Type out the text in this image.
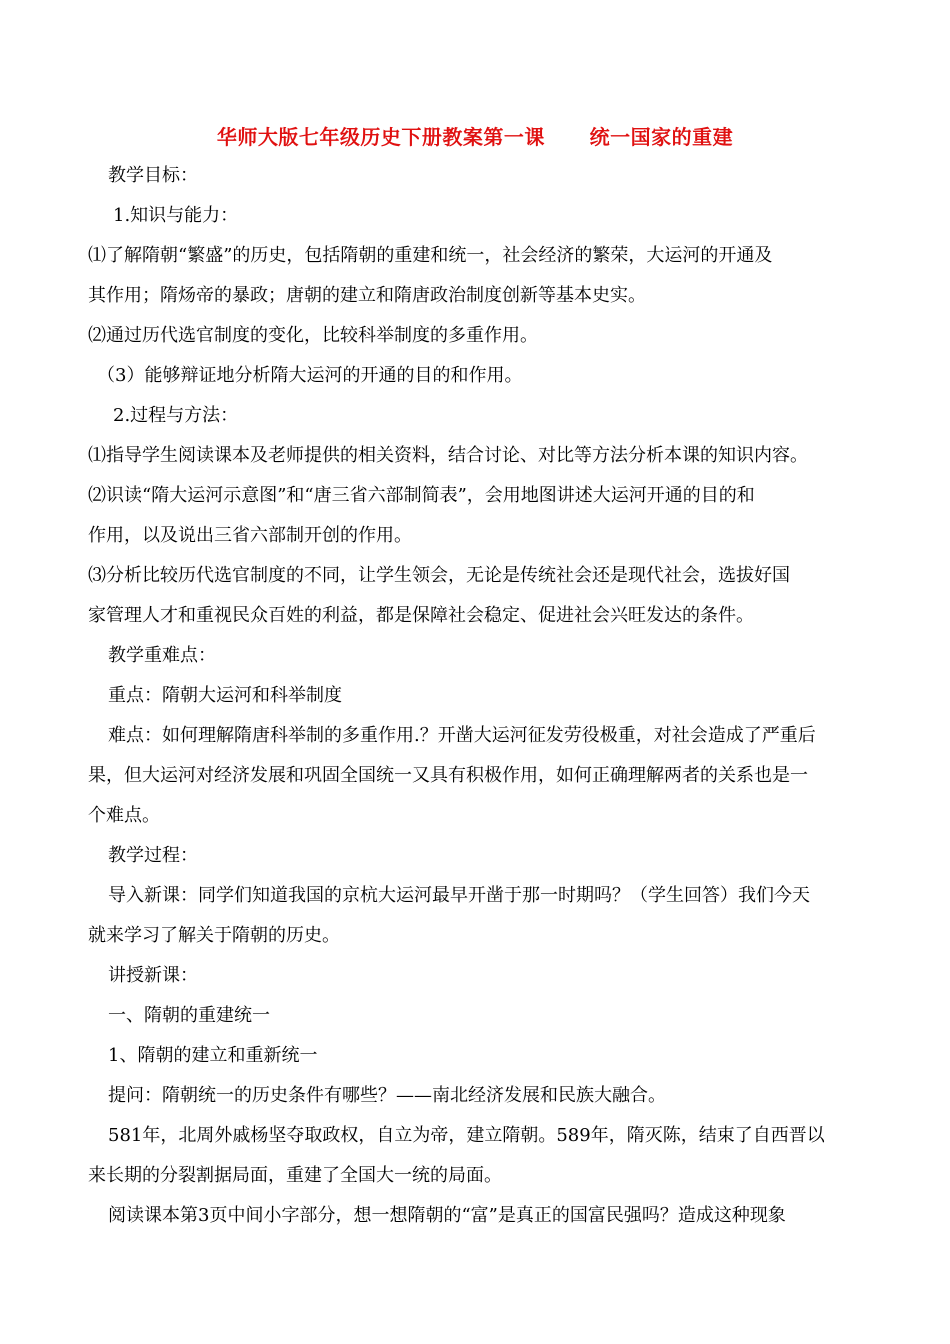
华师大版七年级历史下册教案第一课      统一国家的重建
教学目标：
1.知识与能力：
⑴了解隋朝“繁盛”的历史，包括隋朝的重建和统一，社会经济的繁荣，大运河的开通及
其作用；隋炀帝的暴政；唐朝的建立和隋唐政治制度创新等基本史实。
⑵通过历代选官制度的变化，比较科举制度的多重作用。
（3）能够辩证地分析隋大运河的开通的目的和作用。
2.过程与方法：
⑴指导学生阅读课本及老师提供的相关资料，结合讨论、对比等方法分析本课的知识内容。
⑵识读“隋大运河示意图”和“唐三省六部制简表”，会用地图讲述大运河开通的目的和
作用，以及说出三省六部制开创的作用。
⑶分析比较历代选官制度的不同，让学生领会，无论是传统社会还是现代社会，选拔好国
家管理人才和重视民众百姓的利益，都是保障社会稳定、促进社会兴旺发达的条件。
教学重难点：
重点：隋朝大运河和科举制度
难点：如何理解隋唐科举制的多重作用.？开凿大运河征发劳役极重，对社会造成了严重后
果，但大运河对经济发展和巩固全国统一又具有积极作用，如何正确理解两者的关系也是一
个难点。
教学过程：
导入新课：同学们知道我国的京杭大运河最早开凿于那一时期吗？（学生回答）我们今天
就来学习了解关于隋朝的历史。
讲授新课：
一、隋朝的重建统一
1、隋朝的建立和重新统一
提问：隋朝统一的历史条件有哪些？——南北经济发展和民族大融合。
581年，北周外戚杨坚夺取政权，自立为帝，建立隋朝。589年，隋灭陈，结束了自西晋以
来长期的分裂割据局面，重建了全国大一统的局面。
阅读课本第3页中间小字部分，想一想隋朝的“富”是真正的国富民强吗？造成这种现象
